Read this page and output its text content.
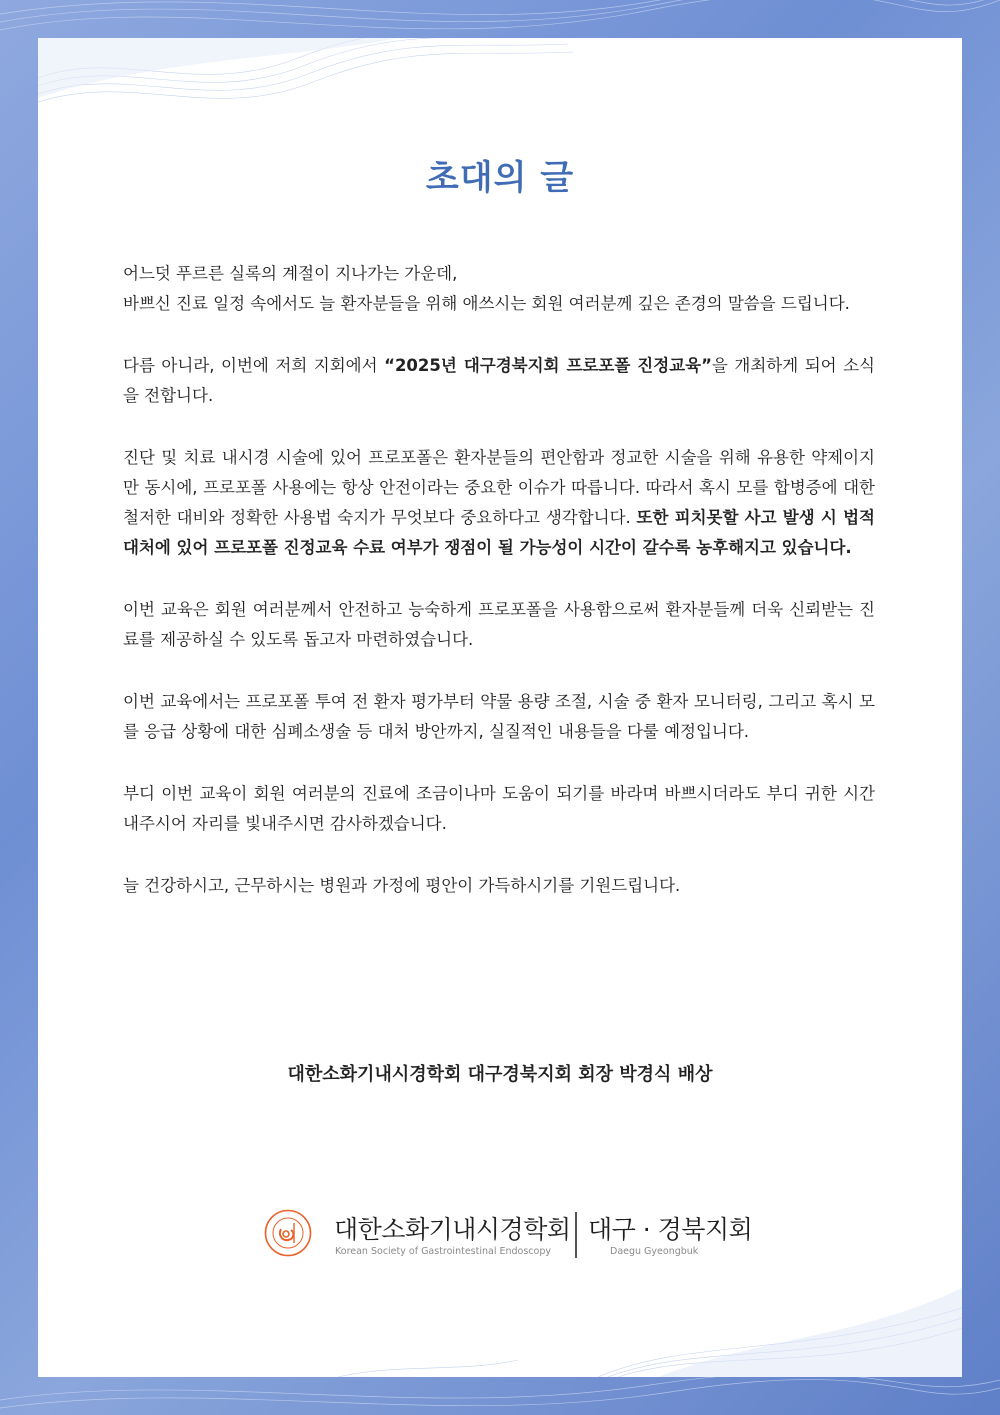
초대의 글

어느덧 푸르른 실록의 계절이 지나가는 가운데,
바쁘신 진료 일정 속에서도 늘 환자분들을 위해 애쓰시는 회원 여러분께 깊은 존경의 말씀을 드립니다.

다름 아니라, 이번에 저희 지회에서 “2025년 대구경북지회 프로포폴 진정교육”을 개최하게 되어 소식을 전합니다.

진단 및 치료 내시경 시술에 있어 프로포폴은 환자분들의 편안함과 정교한 시술을 위해 유용한 약제이지만 동시에, 프로포폴 사용에는 항상 안전이라는 중요한 이슈가 따릅니다. 따라서 혹시 모를 합병증에 대한 철저한 대비와 정확한 사용법 숙지가 무엇보다 중요하다고 생각합니다. 또한 피치못할 사고 발생 시 법적 대처에 있어 프로포폴 진정교육 수료 여부가 쟁점이 될 가능성이 시간이 갈수록 농후해지고 있습니다.

이번 교육은 회원 여러분께서 안전하고 능숙하게 프로포폴을 사용함으로써 환자분들께 더욱 신뢰받는 진료를 제공하실 수 있도록 돕고자 마련하였습니다.

이번 교육에서는 프로포폴 투여 전 환자 평가부터 약물 용량 조절, 시술 중 환자 모니터링, 그리고 혹시 모를 응급 상황에 대한 심폐소생술 등 대처 방안까지, 실질적인 내용들을 다룰 예정입니다.

부디 이번 교육이 회원 여러분의 진료에 조금이나마 도움이 되기를 바라며 바쁘시더라도 부디 귀한 시간 내주시어 자리를 빛내주시면 감사하겠습니다.

늘 건강하시고, 근무하시는 병원과 가정에 평안이 가득하시기를 기원드립니다.

대한소화기내시경학회 대구경북지회 회장 박경식 배상
대한소화기내시경학회
Korean Society of Gastrointestinal Endoscopy
대구 · 경북지회
Daegu Gyeongbuk
